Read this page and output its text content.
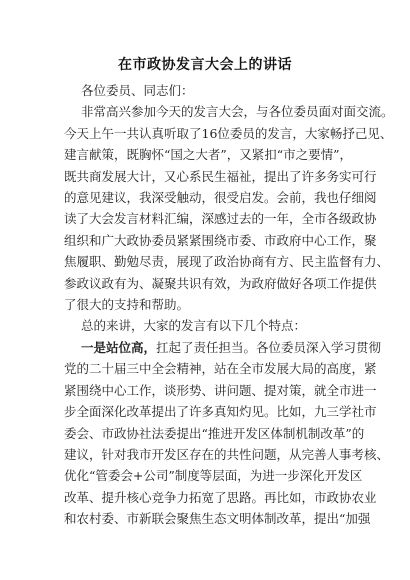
在市政协发言大会上的讲话
各位委员、同志们：
非常高兴参加今天的发言大会，与各位委员面对面交流。
今天上午一共认真听取了16位委员的发言，大家畅抒己见、
建言献策，既胸怀“国之大者”，又紧扣“市之要情”，
既共商发展大计，又心系民生福祉，提出了许多务实可行
的意见建议，我深受触动，很受启发。会前，我也仔细阅
读了大会发言材料汇编，深感过去的一年，全市各级政协
组织和广大政协委员紧紧围绕市委、市政府中心工作，聚
焦履职、勤勉尽责，展现了政治协商有方、民主监督有力、
参政议政有为、凝聚共识有效，为政府做好各项工作提供
了很大的支持和帮助。
总的来讲，大家的发言有以下几个特点：
一是站位高，扛起了责任担当。各位委员深入学习贯彻
党的二十届三中全会精神，站在全市发展大局的高度，紧
紧围绕中心工作，谈形势、讲问题、提对策，就全市进一
步全面深化改革提出了许多真知灼见。比如，九三学社市
委会、市政协社法委提出“推进开发区体制机制改革”的
建议，针对我市开发区存在的共性问题，从完善人事考核、
优化“管委会+公司”制度等层面，为进一步深化开发区
改革、提升核心竞争力拓宽了思路。再比如，市政协农业
和农村委、市新联会聚焦生态文明体制改革，提出“加强
